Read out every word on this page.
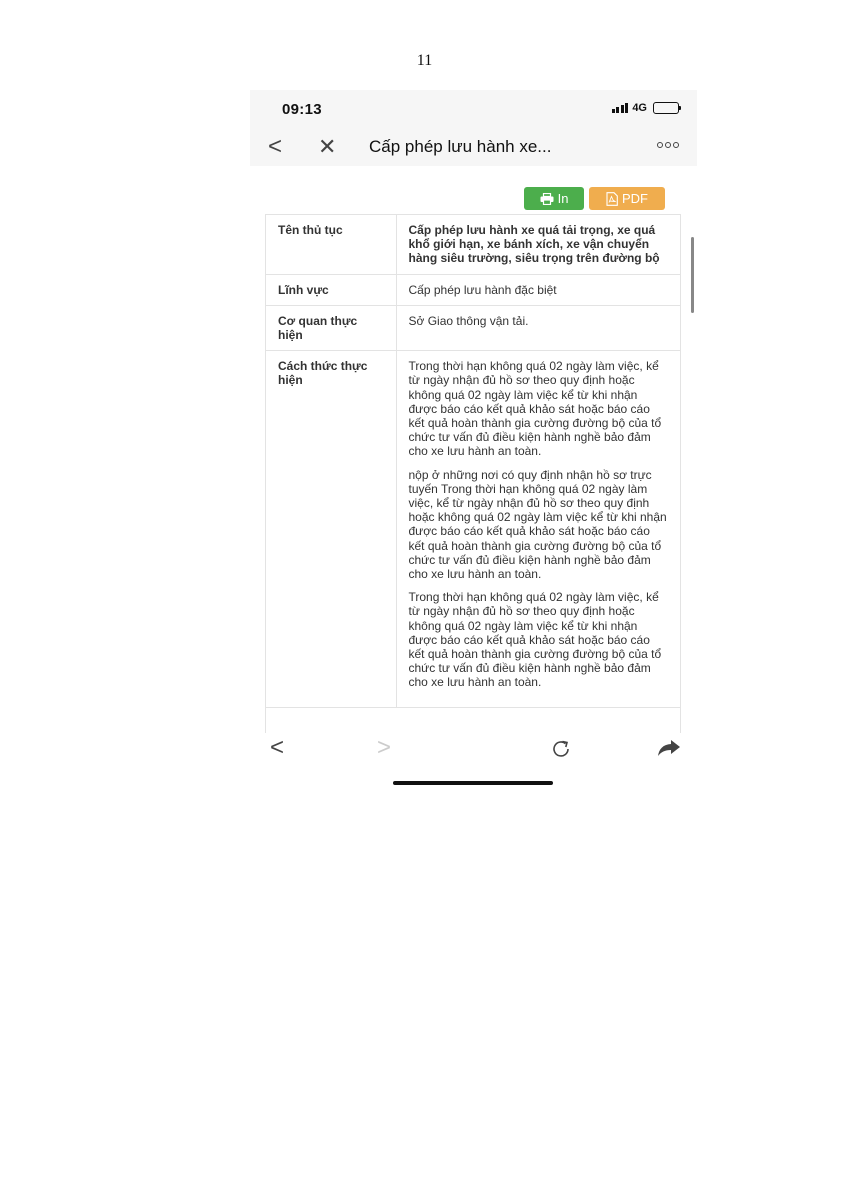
11
09:13	4G
< ✕ Cấp phép lưu hành xe...
In	PDF
Tên thủ tục	Cấp phép lưu hành xe quá tải trọng, xe quá khổ giới hạn, xe bánh xích, xe vận chuyển hàng siêu trường, siêu trọng trên đường bộ
Lĩnh vực	Cấp phép lưu hành đặc biệt
Cơ quan thực hiện	Sở Giao thông vận tải.
Cách thức thực hiện	Trong thời hạn không quá 02 ngày làm việc, kể từ ngày nhận đủ hồ sơ theo quy định hoặc không quá 02 ngày làm việc kể từ khi nhận được báo cáo kết quả khảo sát hoặc báo cáo kết quả hoàn thành gia cường đường bộ của tổ chức tư vấn đủ điều kiện hành nghề bảo đảm cho xe lưu hành an toàn.
nộp ở những nơi có quy định nhận hồ sơ trực tuyến Trong thời hạn không quá 02 ngày làm việc, kể từ ngày nhận đủ hồ sơ theo quy định hoặc không quá 02 ngày làm việc kể từ khi nhận được báo cáo kết quả khảo sát hoặc báo cáo kết quả hoàn thành gia cường đường bộ của tổ chức tư vấn đủ điều kiện hành nghề bảo đảm cho xe lưu hành an toàn.
Trong thời hạn không quá 02 ngày làm việc, kể từ ngày nhận đủ hồ sơ theo quy định hoặc không quá 02 ngày làm việc kể từ khi nhận được báo cáo kết quả khảo sát hoặc báo cáo kết quả hoàn thành gia cường đường bộ của tổ chức tư vấn đủ điều kiện hành nghề bảo đảm cho xe lưu hành an toàn.
<	>
